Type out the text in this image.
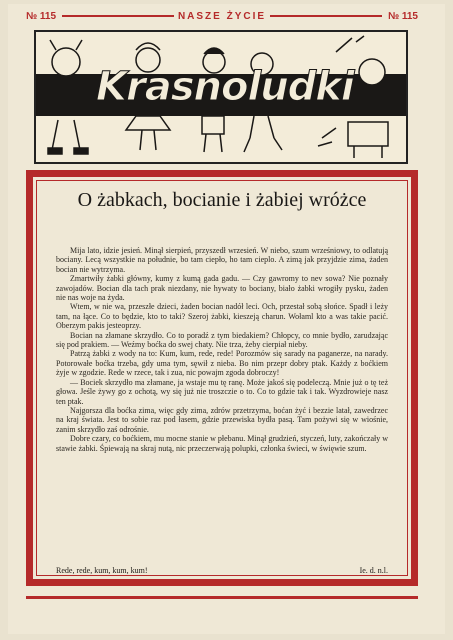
№ 115	NASZE ŻYCIE	№ 115
Krasnoludki
O żabkach, bocianie i żabiej wróżce

Mija lato, idzie jesień. Minął sierpień, przyszedł wrzesień. W niebo, szum wrześniowy, to odlatują bociany. Lecą wszystkie na południe, bo tam ciepło, ho tam cieplo. A zimą jak przyjdzie zima, żaden bocian nie wytrzyma.

Zmartwiły żabki główny, kumy z kumą gada gadu. — Czy gawromy to nev sowa? Nie poznały zawojadów. Bocian dla tach prak niezdany, nie hywaty to bociany, biało żabki wrogiły pysku, żaden nie nas woje na żyda.

Wtem, w nie wa, przeszłe dzieci, żaden bocian nadół leci. Och, przestał sobą słońce. Spadł i leży tam, na łące. Co to będzie, kto to taki? Szeroj żabki, kieszeją charun. Wołaml kto a was takie pacić. Oberzym pakis jesteoprzy.

Bocian na złamane skrzydło. Co to poradź z tym biedakiem? Chłopcy, co mnie bydło, zarudzając się pod prakiem. — Weźmy boćka do swej chaty. Nie trza, żeby cierpiał nieby.

Patrzą żabki z wody na to: Kum, kum, rede, rede! Porozmów się sarady na paganerze, na narady. Potorowałe boćka trzeba, gdy uma tym, sęwił z nieba. Bo nim przepr dobry ptak. Każdy z boćkiem żyje w zgodzie. Rede w rzece, tak i zua, nic powajm zgoda dobroczy!

— Bociek skrzydło ma złamane, ja wstaje mu tę ranę. Może jakoś się podeleczą. Mnie już o tę też głowa. Jeśle żywy go z ochotą, wy się już nie troszczie o to. Co to gdzie tak i tak. Wyzdrowieje nasz ten ptak.

Najgorsza dla boćka zima, więc gdy zima, zdrów przetrzyma, boćan żyć i bezzie latał, zawedrzec na kraj świata. Jest to sobie raz pod łasem, gdzie przewiska bydła pasą. Tam pożywi się w wiośnie, zanim skrzydło zaś odrośnie.

Dobre czary, co boćkiem, mu mocne stanie w płebanu. Minął grudzień, styczeń, luty, zakończały w stawie żabki. Śpiewają na skraj nutą, nic przeczerwają polupki, członka świeci, w święwie szum.

Rede, rede, kum, kum, kum!	Ie. d. n.l.
